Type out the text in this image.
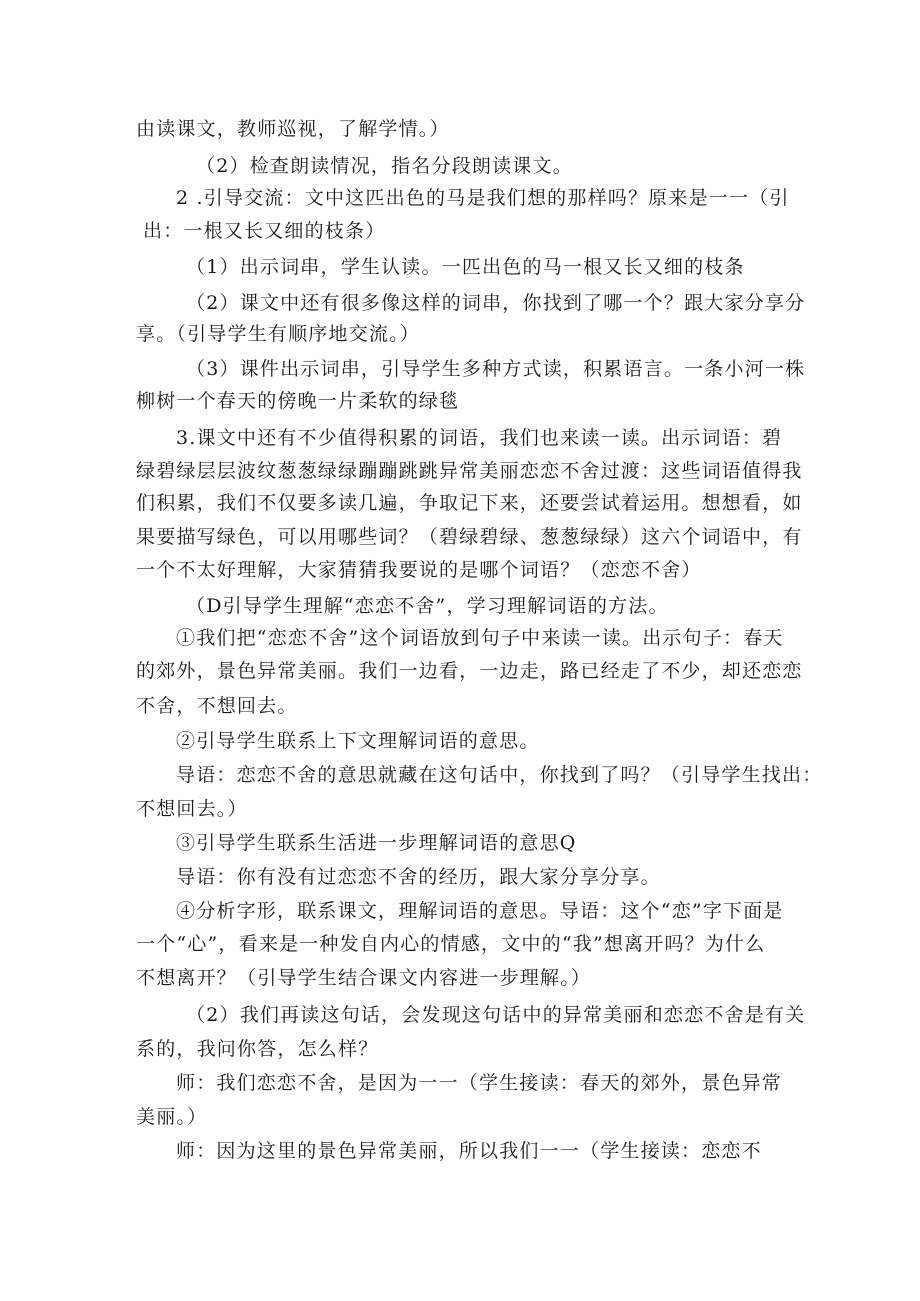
由读课文，教师巡视，了解学情。）
（2）检查朗读情况，指名分段朗读课文。
2 .引导交流：文中这匹出色的马是我们想的那样吗？原来是一一（引
出：一根又长又细的枝条）
（1）出示词串，学生认读。一匹出色的马一根又长又细的枝条
（2）课文中还有很多像这样的词串，你找到了哪一个？跟大家分享分
享。（引导学生有顺序地交流。）
（3）课件出示词串，引导学生多种方式读，积累语言。一条小河一株
柳树一个春天的傍晚一片柔软的绿毯
3.课文中还有不少值得积累的词语，我们也来读一读。出示词语：碧
绿碧绿层层波纹葱葱绿绿蹦蹦跳跳异常美丽恋恋不舍过渡：这些词语值得我
们积累，我们不仅要多读几遍，争取记下来，还要尝试着运用。想想看，如
果要描写绿色，可以用哪些词？（碧绿碧绿、葱葱绿绿）这六个词语中，有
一个不太好理解，大家猜猜我要说的是哪个词语？（恋恋不舍）
（D引导学生理解“恋恋不舍”，学习理解词语的方法。
①我们把“恋恋不舍”这个词语放到句子中来读一读。出示句子：春天
的郊外，景色异常美丽。我们一边看，一边走，路已经走了不少，却还恋恋
不舍，不想回去。
②引导学生联系上下文理解词语的意思。
导语：恋恋不舍的意思就藏在这句话中，你找到了吗？（引导学生找出：
不想回去。）
③引导学生联系生活进一步理解词语的意思Q
导语：你有没有过恋恋不舍的经历，跟大家分享分享。
④分析字形，联系课文，理解词语的意思。导语：这个“恋”字下面是
一个“心”，看来是一种发自内心的情感，文中的“我”想离开吗？为什么
不想离开？（引导学生结合课文内容进一步理解。）
（2）我们再读这句话，会发现这句话中的异常美丽和恋恋不舍是有关
系的，我问你答，怎么样？
师：我们恋恋不舍，是因为一一（学生接读：春天的郊外，景色异常
美丽。）
师：因为这里的景色异常美丽，所以我们一一（学生接读：恋恋不
